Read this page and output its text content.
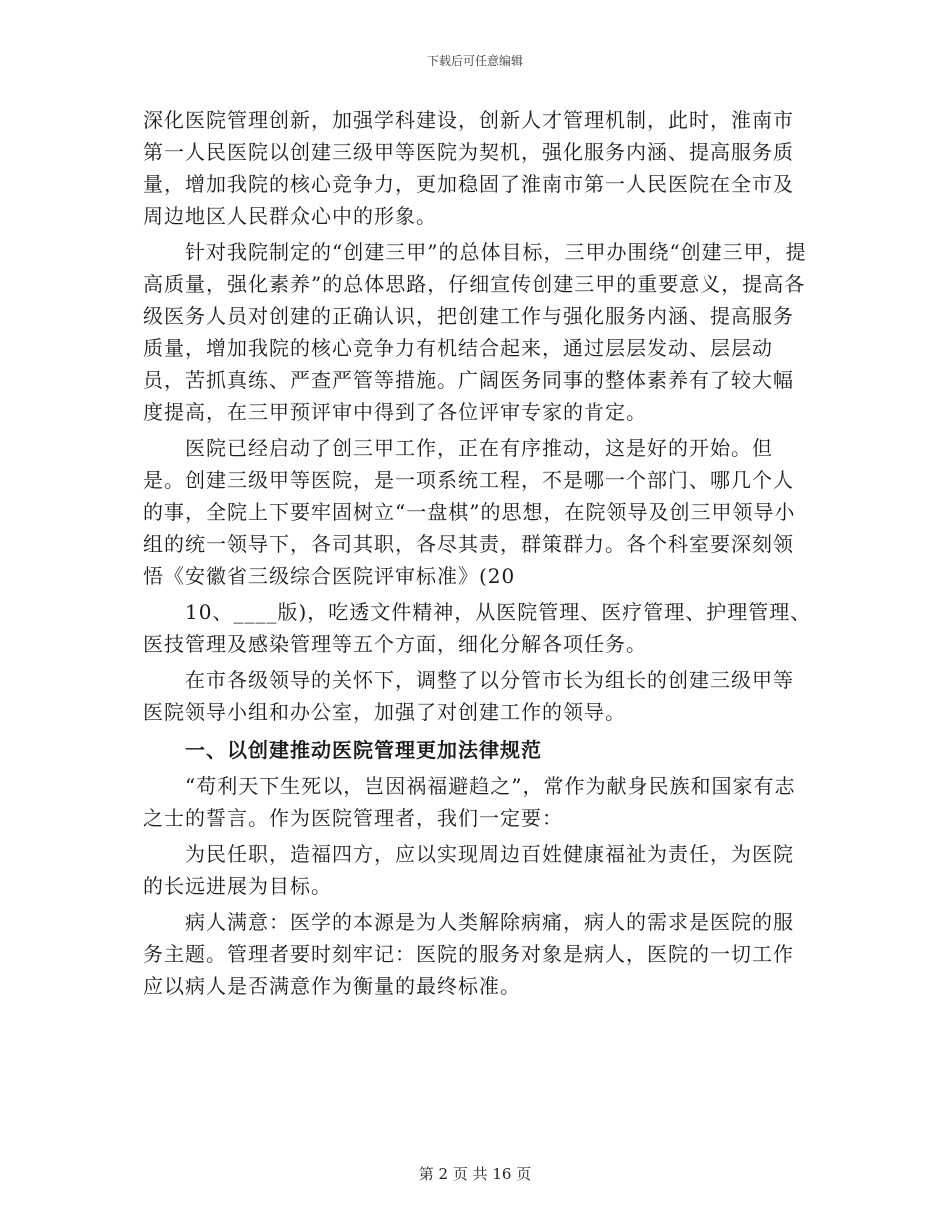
下载后可任意编辑

深化医院管理创新，加强学科建设，创新人才管理机制，此时，淮南市第一人民医院以创建三级甲等医院为契机，强化服务内涵、提高服务质量，增加我院的核心竞争力，更加稳固了淮南市第一人民医院在全市及周边地区人民群众心中的形象。

针对我院制定的“创建三甲”的总体目标，三甲办围绕“创建三甲，提高质量，强化素养”的总体思路，仔细宣传创建三甲的重要意义，提高各级医务人员对创建的正确认识，把创建工作与强化服务内涵、提高服务质量，增加我院的核心竞争力有机结合起来，通过层层发动、层层动员，苦抓真练、严查严管等措施。广阔医务同事的整体素养有了较大幅度提高，在三甲预评审中得到了各位评审专家的肯定。

医院已经启动了创三甲工作，正在有序推动，这是好的开始。但是。创建三级甲等医院，是一项系统工程，不是哪一个部门、哪几个人的事，全院上下要牢固树立“一盘棋”的思想，在院领导及创三甲领导小组的统一领导下，各司其职，各尽其责，群策群力。各个科室要深刻领悟《安徽省三级综合医院评审标准》(20

10、____版)，吃透文件精神，从医院管理、医疗管理、护理管理、医技管理及感染管理等五个方面，细化分解各项任务。

在市各级领导的关怀下，调整了以分管市长为组长的创建三级甲等医院领导小组和办公室，加强了对创建工作的领导。

一、以创建推动医院管理更加法律规范

“苟利天下生死以，岂因祸福避趋之”，常作为献身民族和国家有志之士的誓言。作为医院管理者，我们一定要：

为民任职，造福四方，应以实现周边百姓健康福祉为责任，为医院的长远进展为目标。

病人满意：医学的本源是为人类解除病痛，病人的需求是医院的服务主题。管理者要时刻牢记：医院的服务对象是病人，医院的一切工作应以病人是否满意作为衡量的最终标准。

第 2 页 共 16 页
